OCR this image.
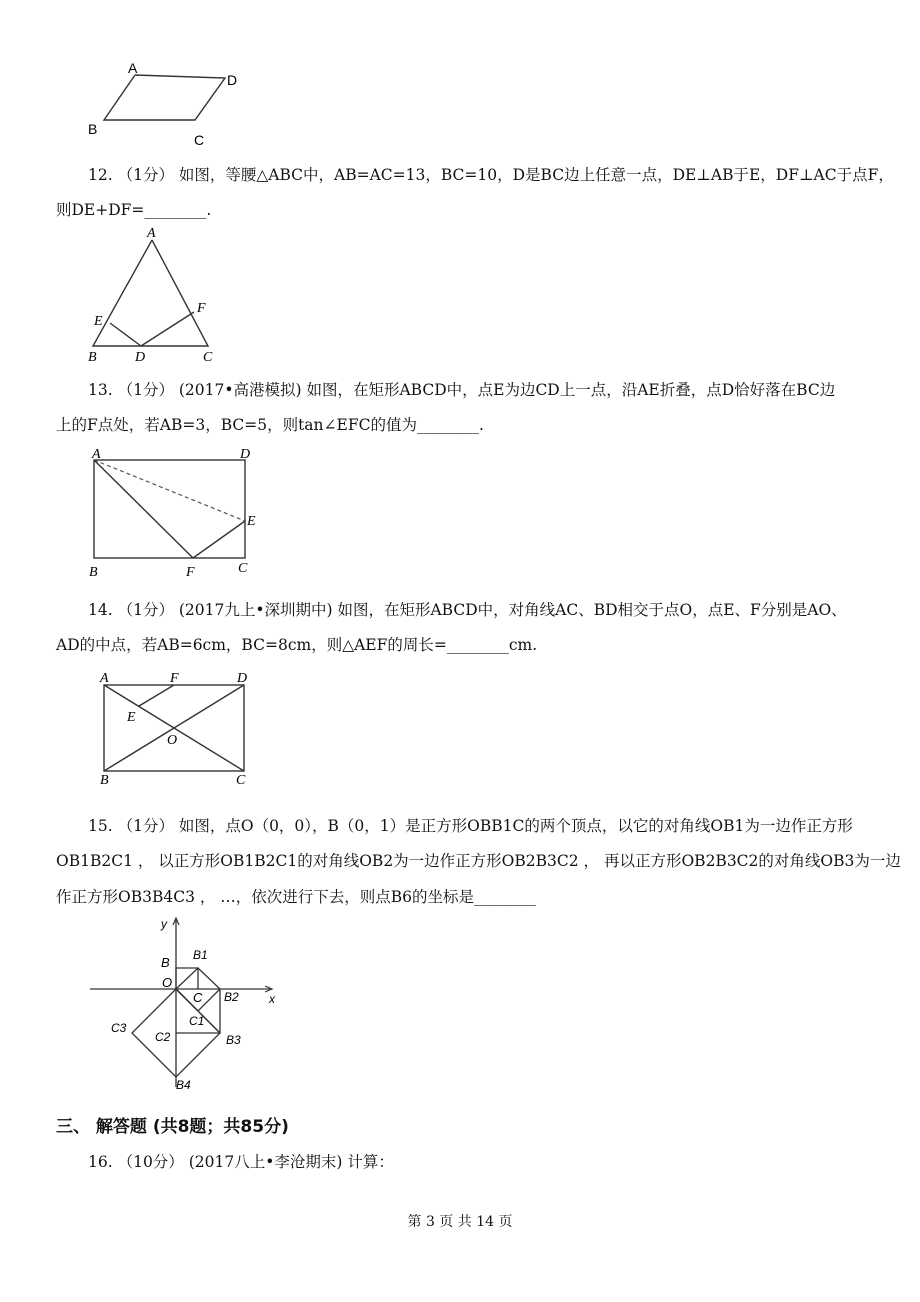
A
D
B
C
12. （1分） 如图，等腰△ABC中，AB=AC=13，BC=10，D是BC边上任意一点，DE⊥AB于E，DF⊥AC于点F，
则DE+DF=________.
A
E
F
B	D	C
13. （1分） (2017•高港模拟) 如图，在矩形ABCD中，点E为边CD上一点，沿AE折叠，点D恰好落在BC边
上的F点处，若AB=3，BC=5，则tan∠EFC的值为________.
A	D
E
B	F	C
14. （1分） (2017九上•深圳期中) 如图，在矩形ABCD中，对角线AC、BD相交于点O，点E、F分别是AO、
AD的中点，若AB=6cm，BC=8cm，则△AEF的周长=________cm.
A	F	D
E
O
B	C
15. （1分） 如图，点O（0，0），B（0，1）是正方形OBB1C的两个顶点，以它的对角线OB1为一边作正方形
OB1B2C1 ， 以正方形OB1B2C1的对角线OB2为一边作正方形OB2B3C2 ， 再以正方形OB2B3C2的对角线OB3为一边
作正方形OB3B4C3 ， …，依次进行下去，则点B6的坐标是________
y
x
B B1
O
C B2
C1
C3
C2	B3
B4
三、 解答题 (共8题；共85分)
16. （10分） (2017八上•李沧期末) 计算：
第 3 页 共 14 页
